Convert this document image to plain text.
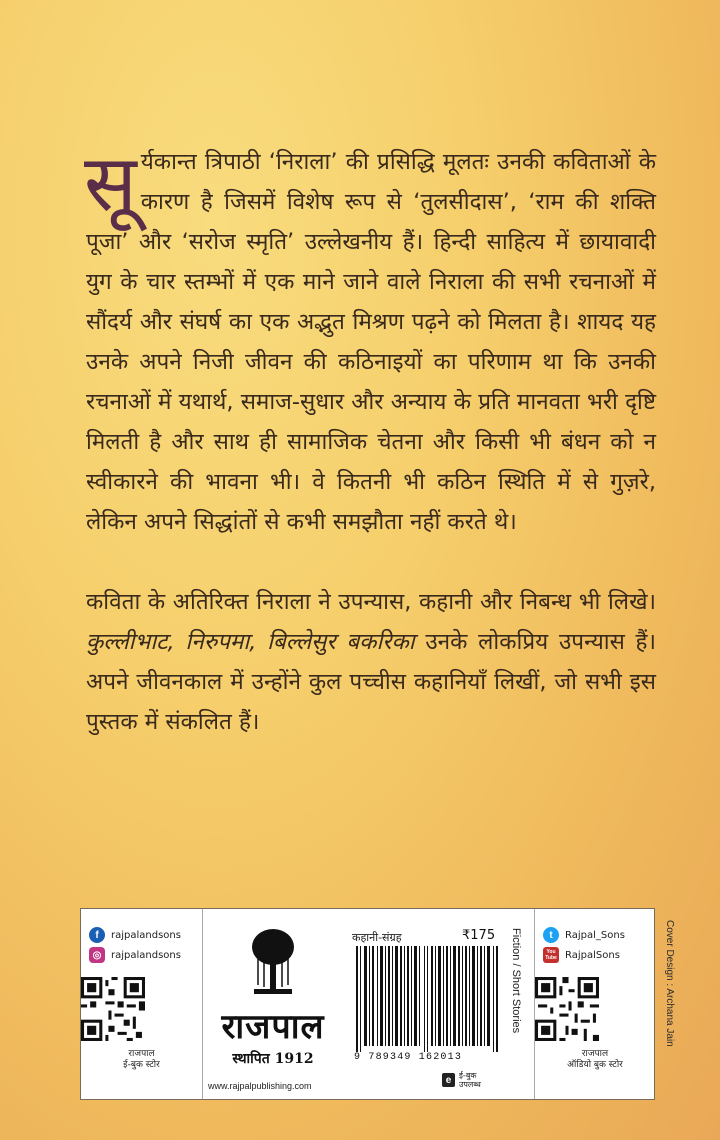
सूर्यकान्त त्रिपाठी ‘निराला’ की प्रसिद्धि मूलतः उनकी कविताओं के कारण है जिसमें विशेष रूप से ‘तुलसीदास’, ‘राम की शक्ति पूजा’ और ‘सरोज स्मृति’ उल्लेखनीय हैं। हिन्दी साहित्य में छायावादी युग के चार स्तम्भों में एक माने जाने वाले निराला की सभी रचनाओं में सौंदर्य और संघर्ष का एक अद्भुत मिश्रण पढ़ने को मिलता है। शायद यह उनके अपने निजी जीवन की कठिनाइयों का परिणाम था कि उनकी रचनाओं में यथार्थ, समाज-सुधार और अन्याय के प्रति मानवता भरी दृष्टि मिलती है और साथ ही सामाजिक चेतना और किसी भी बंधन को न स्वीकारने की भावना भी। वे कितनी भी कठिन स्थिति में से गुज़रे, लेकिन अपने सिद्धांतों से कभी समझौता नहीं करते थे।

कविता के अतिरिक्त निराला ने उपन्यास, कहानी और निबन्ध भी लिखे। कुल्लीभाट, निरुपमा, बिल्लेसुर बकरिका उनके लोकप्रिय उपन्यास हैं। अपने जीवनकाल में उन्होंने कुल पच्चीस कहानियाँ लिखीं, जो सभी इस पुस्तक में संकलित हैं।

f	rajpalandsons
◎ rajpalandsons
राजपाल
ई-बुक स्टोर
राजपाल
स्थापित 1912
www.rajpalpublishing.com
कहानी-संग्रह	₹175
9 789349 162013
Fiction / Short Stories
e ई-बुक
उपलब्ध
t	Rajpal_Sons
You Tube RajpalSons
राजपाल
ऑडियो बुक स्टोर
Cover Design : Archana Jain
